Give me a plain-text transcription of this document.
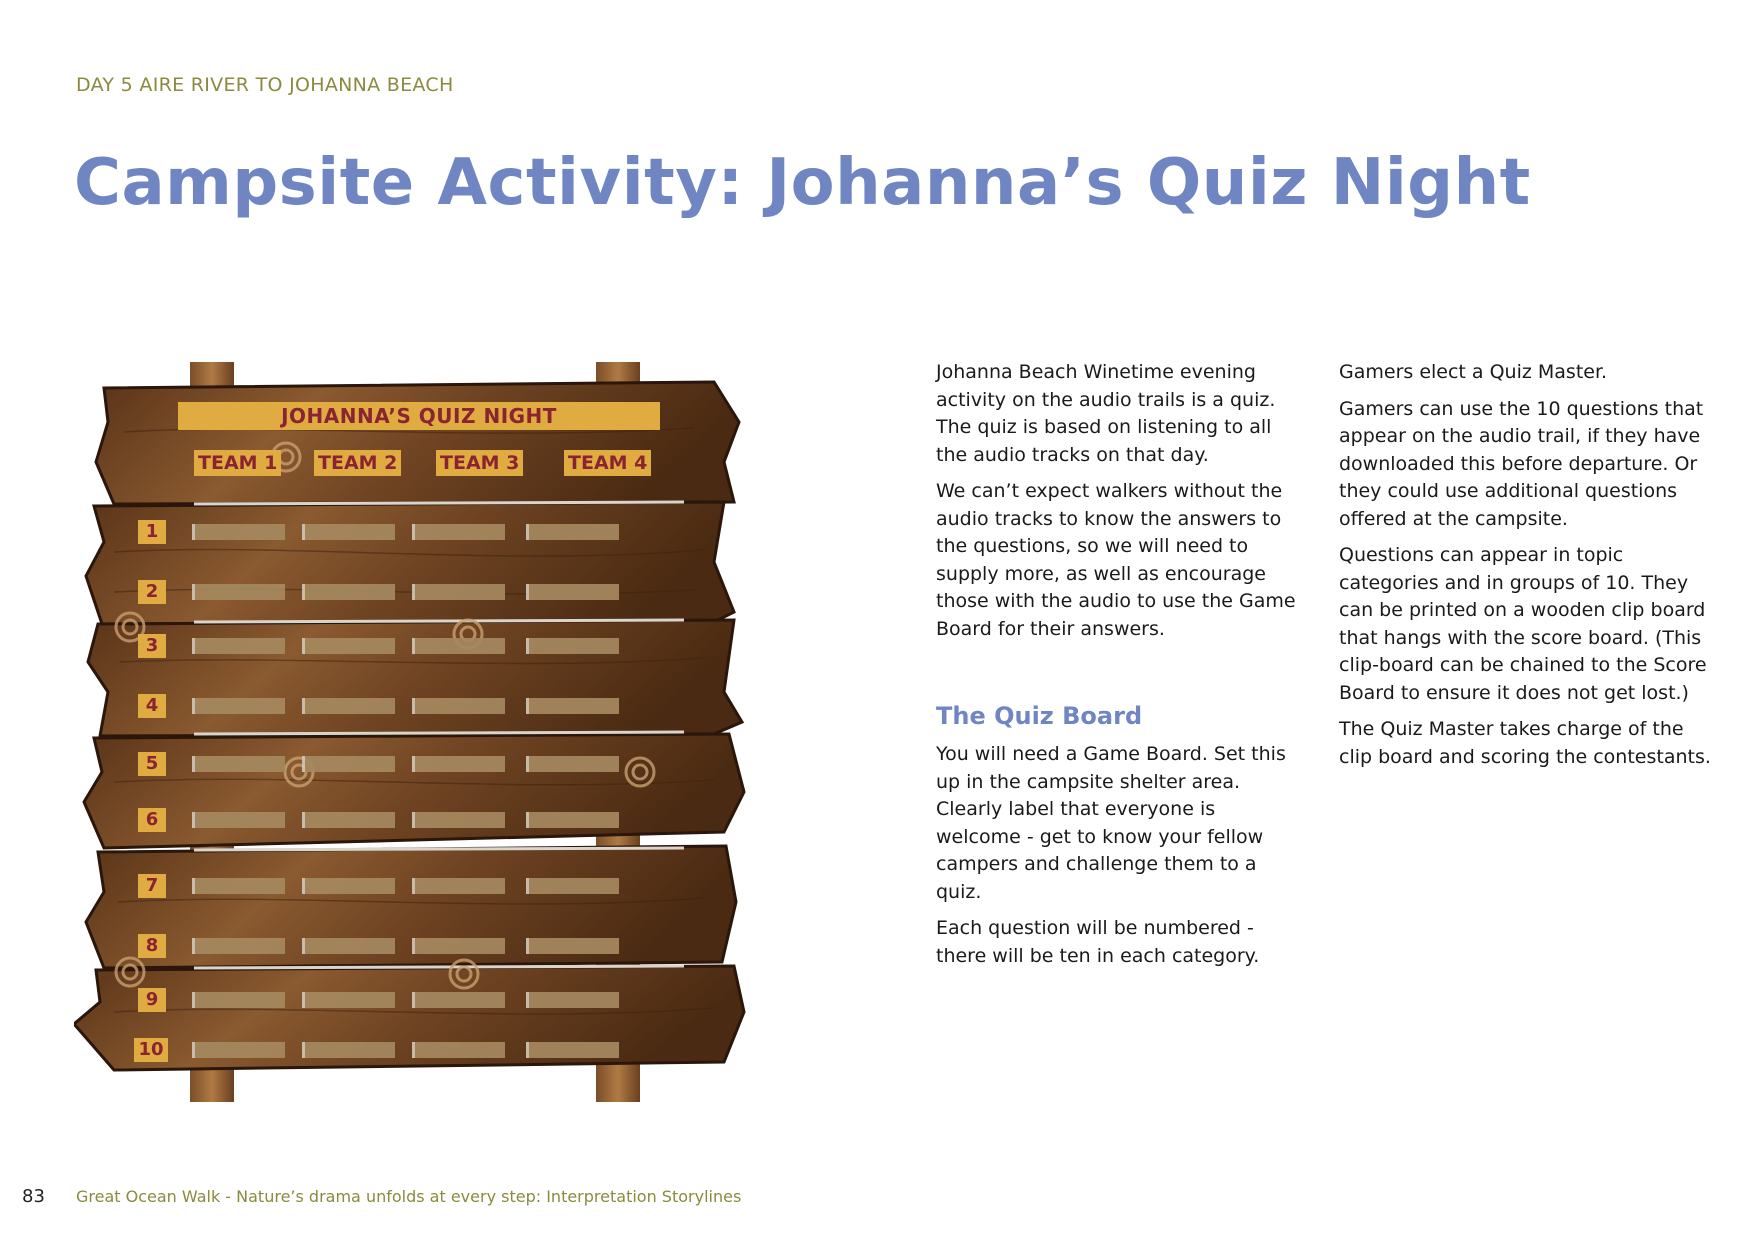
DAY 5 AIRE RIVER TO JOHANNA BEACH
Campsite Activity: Johanna’s Quiz Night
JOHANNA’S QUIZ NIGHT
TEAM 1 TEAM 2 TEAM 3	TEAM 4
1
2
3
4
5
6
7
8
9
10

Johanna Beach Winetime evening activity on the audio trails is a quiz. The quiz is based on listening to all the audio tracks on that day.

We can’t expect walkers without the audio tracks to know the answers to the questions, so we will need to supply more, as well as encourage those with the audio to use the Game Board for their answers.

The Quiz Board

You will need a Game Board. Set this up in the campsite shelter area. Clearly label that everyone is welcome - get to know your fellow campers and challenge them to a quiz.

Each question will be numbered - there will be ten in each category.

Gamers elect a Quiz Master.

Gamers can use the 10 questions that appear on the audio trail, if they have downloaded this before departure. Or they could use additional questions offered at the campsite.

Questions can appear in topic categories and in groups of 10. They can be printed on a wooden clip board that hangs with the score board. (This clip-board can be chained to the Score Board to ensure it does not get lost.)

The Quiz Master takes charge of the clip board and scoring the contestants.

83 Great Ocean Walk - Nature’s drama unfolds at every step: Interpretation Storylines
